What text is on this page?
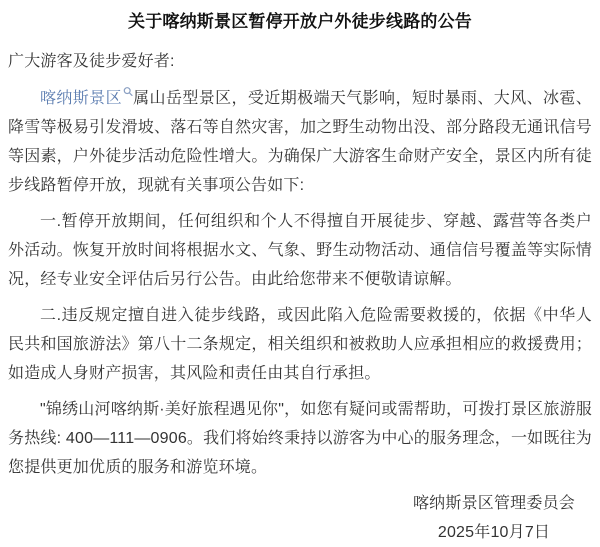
关于喀纳斯景区暂停开放户外徒步线路的公告

广大游客及徒步爱好者:

喀纳斯景区 属山岳型景区，受近期极端天气影响，短时暴雨、大风、冰雹、降雪等极易引发滑坡、落石等自然灾害，加之野生动物出没、部分路段无通讯信号等因素，户外徒步活动危险性增大。为确保广大游客生命财产安全，景区内所有徒步线路暂停开放，现就有关事项公告如下:

一.暂停开放期间，任何组织和个人不得擅自开展徒步、穿越、露营等各类户外活动。恢复开放时间将根据水文、气象、野生动物活动、通信信号覆盖等实际情况，经专业安全评估后另行公告。由此给您带来不便敬请谅解。

二.违反规定擅自进入徒步线路，或因此陷入危险需要救援的，依据《中华人民共和国旅游法》第八十二条规定，相关组织和被救助人应承担相应的救援费用；如造成人身财产损害，其风险和责任由其自行承担。

"锦绣山河喀纳斯·美好旅程遇见你"，如您有疑问或需帮助，可拨打景区旅游服务热线: 400—111—0906。我们将始终秉持以游客为中心的服务理念，一如既往为您提供更加优质的服务和游览环境。

喀纳斯景区管理委员会
2025年10月7日
